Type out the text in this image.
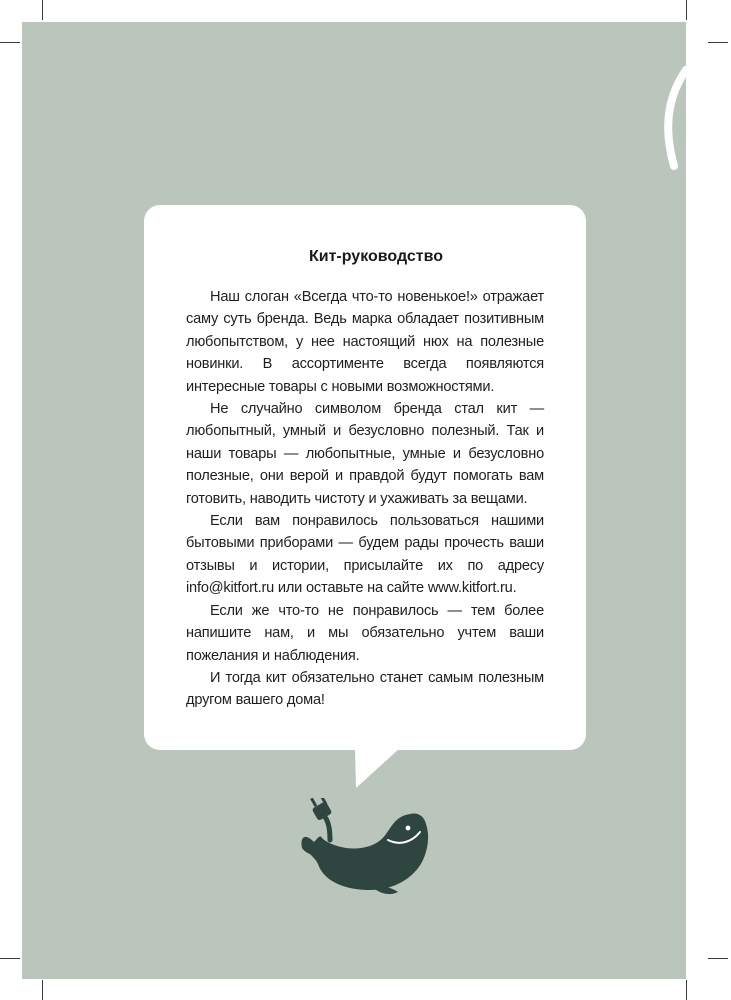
Кит-руководство

Наш слоган «Всегда что-то новенькое!» отражает саму суть бренда. Ведь марка обладает позитивным любопытством, у нее настоящий нюх на полезные новинки. В ассортименте всегда появляются интересные товары с новыми возможностями.

Не случайно символом бренда стал кит — любопытный, умный и безусловно полезный. Так и наши товары — любопытные, умные и безусловно полезные, они верой и правдой будут помогать вам готовить, наводить чистоту и ухаживать за вещами.

Если вам понравилось пользоваться нашими бытовыми приборами — будем рады прочесть ваши отзывы и истории, присылайте их по адресу info@kitfort.ru или оставьте на сайте www.kitfort.ru.

Если же что-то не понравилось — тем более напишите нам, и мы обязательно учтем ваши пожелания и наблюдения.

И тогда кит обязательно станет самым полезным другом вашего дома!
